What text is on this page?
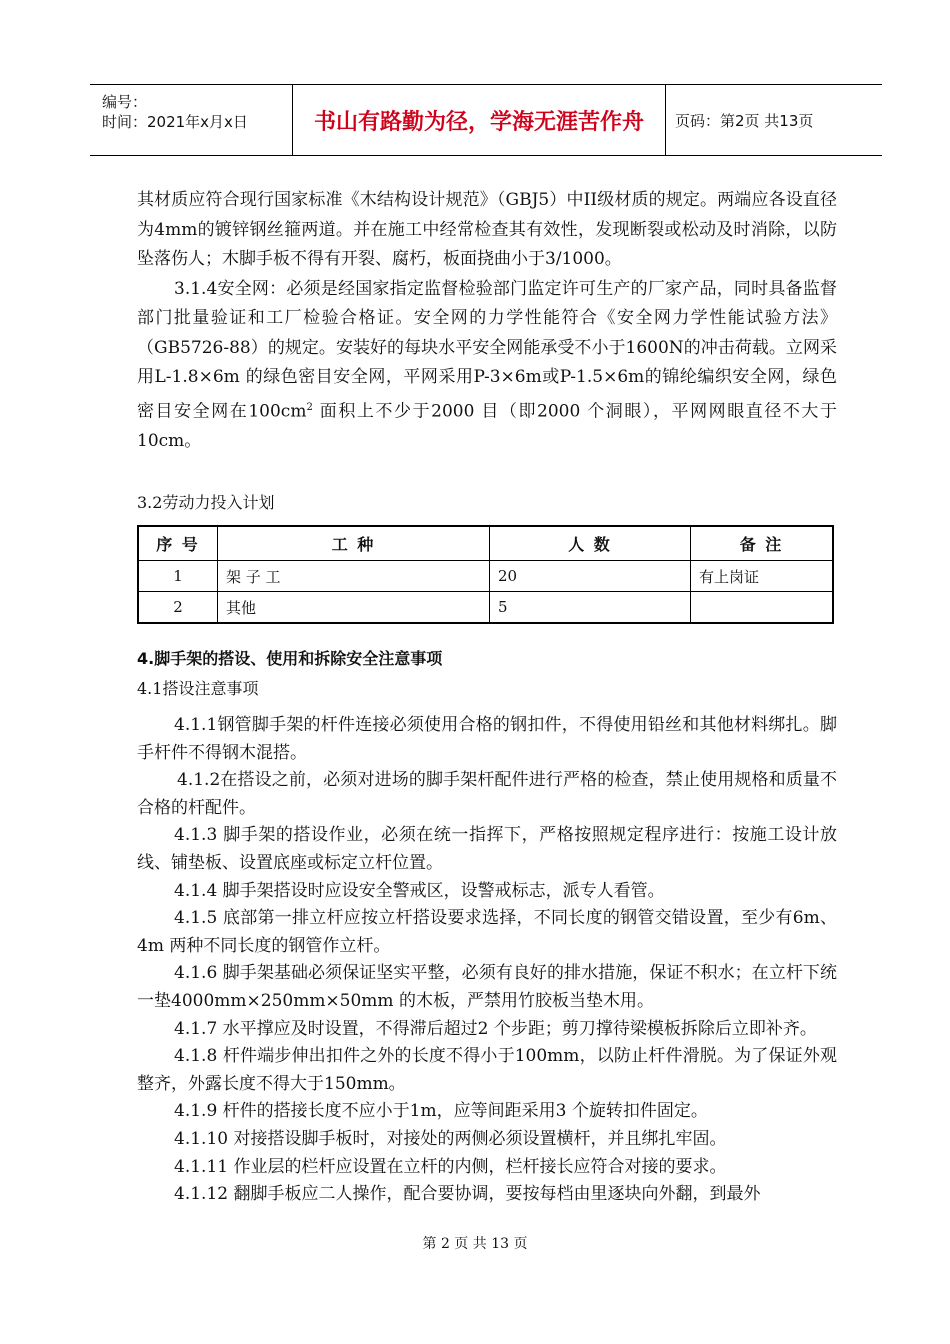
编号：
时间：2021年x月x日	书山有路勤为径，学海无涯苦作舟	页码：第2页 共13页

其材质应符合现行国家标准《木结构设计规范》（GBJ5）中II级材质的规定。两端应各设直径为4mm的镀锌钢丝箍两道。并在施工中经常检查其有效性，发现断裂或松动及时消除，以防坠落伤人；木脚手板不得有开裂、腐朽，板面挠曲小于3/1000。

3.1.4安全网：必须是经国家指定监督检验部门监定许可生产的厂家产品，同时具备监督部门批量验证和工厂检验合格证。安全网的力学性能符合《安全网力学性能试验方法》（GB5726-88）的规定。安装好的每块水平安全网能承受不小于1600N的冲击荷载。立网采用L-1.8×6m 的绿色密目安全网，平网采用P-3×6m或P-1.5×6m的锦纶编织安全网，绿色密目安全网在$100cm^2$ 面积上不少于2000 目（即2000 个洞眼），平网网眼直径不大于10cm。

3.2劳动力投入计划
序 号	工 种	人 数	备 注
1	架 子 工	20	有上岗证
2	其他	5	
4.脚手架的搭设、使用和拆除安全注意事项
4.1搭设注意事项

4.1.1钢管脚手架的杆件连接必须使用合格的钢扣件，不得使用铅丝和其他材料绑扎。脚手杆件不得钢木混搭。

4.1.2在搭设之前，必须对进场的脚手架杆配件进行严格的检查，禁止使用规格和质量不合格的杆配件。

4.1.3 脚手架的搭设作业，必须在统一指挥下，严格按照规定程序进行：按施工设计放线、铺垫板、设置底座或标定立杆位置。

4.1.4 脚手架搭设时应设安全警戒区，设警戒标志，派专人看管。

4.1.5 底部第一排立杆应按立杆搭设要求选择，不同长度的钢管交错设置，至少有6m、4m 两种不同长度的钢管作立杆。

4.1.6 脚手架基础必须保证坚实平整，必须有良好的排水措施，保证不积水；在立杆下统一垫4000mm×250mm×50mm 的木板，严禁用竹胶板当垫木用。

4.1.7 水平撑应及时设置，不得滞后超过2 个步距；剪刀撑待梁模板拆除后立即补齐。

4.1.8 杆件端步伸出扣件之外的长度不得小于100mm，以防止杆件滑脱。为了保证外观整齐，外露长度不得大于150mm。

4.1.9 杆件的搭接长度不应小于1m，应等间距采用3 个旋转扣件固定。

4.1.10 对接搭设脚手板时，对接处的两侧必须设置横杆，并且绑扎牢固。

4.1.11 作业层的栏杆应设置在立杆的内侧，栏杆接长应符合对接的要求。

4.1.12 翻脚手板应二人操作，配合要协调，要按每档由里逐块向外翻，到最外

第 2 页 共 13 页
